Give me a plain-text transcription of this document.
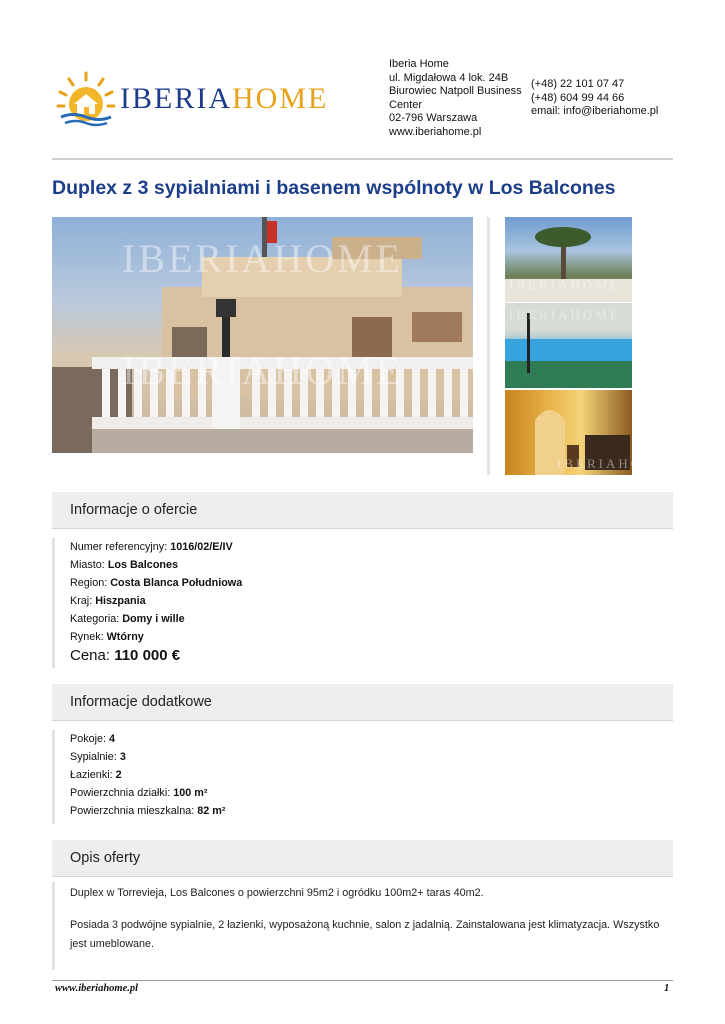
IBERIAHOME
Iberia Home
ul. Migdałowa 4 lok. 24B
Biurowiec Natpoll Business Center
02-796 Warszawa
www.iberiahome.pl
(+48) 22 101 07 47
(+48) 604 99 44 66
email: info@iberiahome.pl
Duplex z 3 sypialniami i basenem wspólnoty w Los Balcones
IBERIAHOME
IBERIAHOME
IBERIAHOME
IBERIAHOME
IBERIAHOME
Informacje o ofercie
Numer referencyjny: 1016/02/E/IV
Miasto: Los Balcones
Region: Costa Blanca Południowa
Kraj: Hiszpania
Kategoria: Domy i wille
Rynek: Wtórny
Cena: 110 000 €
Informacje dodatkowe
Pokoje: 4
Sypialnie: 3
Łazienki: 2
Powierzchnia działki: 100 m²
Powierzchnia mieszkalna: 82 m²
Opis oferty
Duplex w Torrevieja, Los Balcones o powierzchni 95m2 i ogródku 100m2+ taras 40m2.
Posiada 3 podwójne sypialnie, 2 łazienki, wyposażoną kuchnie, salon z jadalnią. Zainstalowana jest klimatyzacja. Wszystko jest umeblowane.
www.iberiahome.pl	1
